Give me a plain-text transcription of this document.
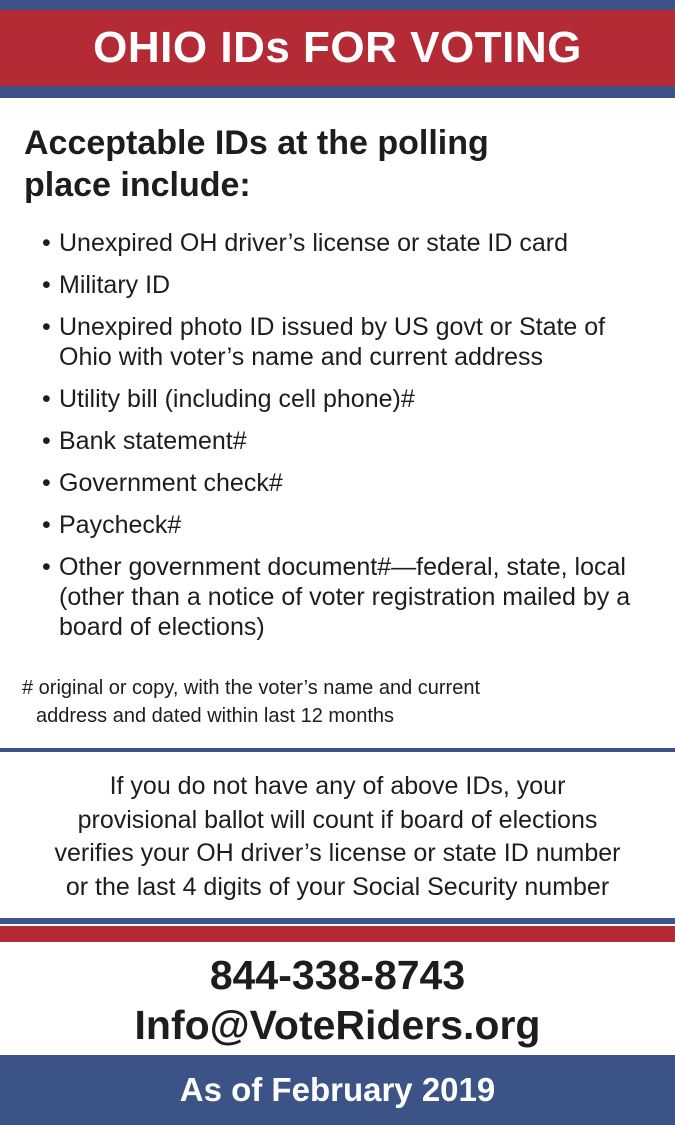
OHIO IDs FOR VOTING
Acceptable IDs at the polling
place include:
• Unexpired OH driver’s license or state ID card
• Military ID
• Unexpired photo ID issued by US govt or State of Ohio with voter’s name and current address
• Utility bill (including cell phone)#
• Bank statement#
• Government check#
• Paycheck#
• Other government document#—federal, state, local (other than a notice of voter registration mailed by a board of elections)
# original or copy, with the voter’s name and current
address and dated within last 12 months
If you do not have any of above IDs, your
provisional ballot will count if board of elections
verifies your OH driver’s license or state ID number
or the last 4 digits of your Social Security number
844-338-8743
Info@VoteRiders.org
As of February 2019
